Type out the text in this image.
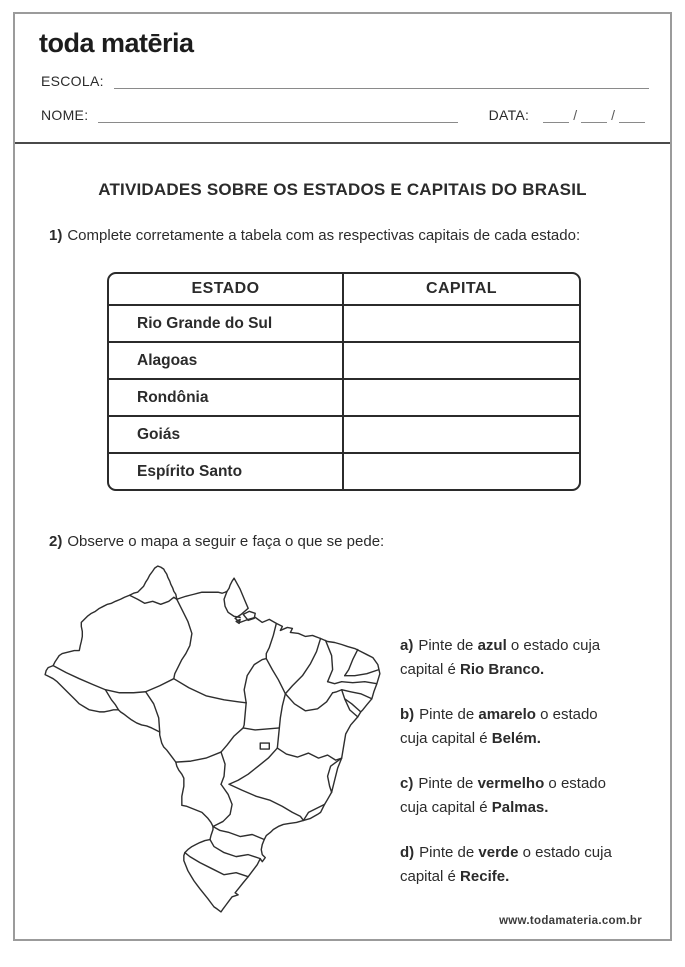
toda matēria
ESCOLA:
NOME:	DATA:	/ /
ATIVIDADES SOBRE OS ESTADOS E CAPITAIS DO BRASIL
1) Complete corretamente a tabela com as respectivas capitais de cada estado:
ESTADO	CAPITAL
Rio Grande do Sul
Alagoas
Rondônia
Goiás
Espírito Santo
2) Observe o mapa a seguir e faça o que se pede:

a) Pinte de azul o estado cuja capital é Rio Branco.

b) Pinte de amarelo o estado cuja capital é Belém.

c) Pinte de vermelho o estado cuja capital é Palmas.

d) Pinte de verde o estado cuja capital é Recife.

www.todamateria.com.br
